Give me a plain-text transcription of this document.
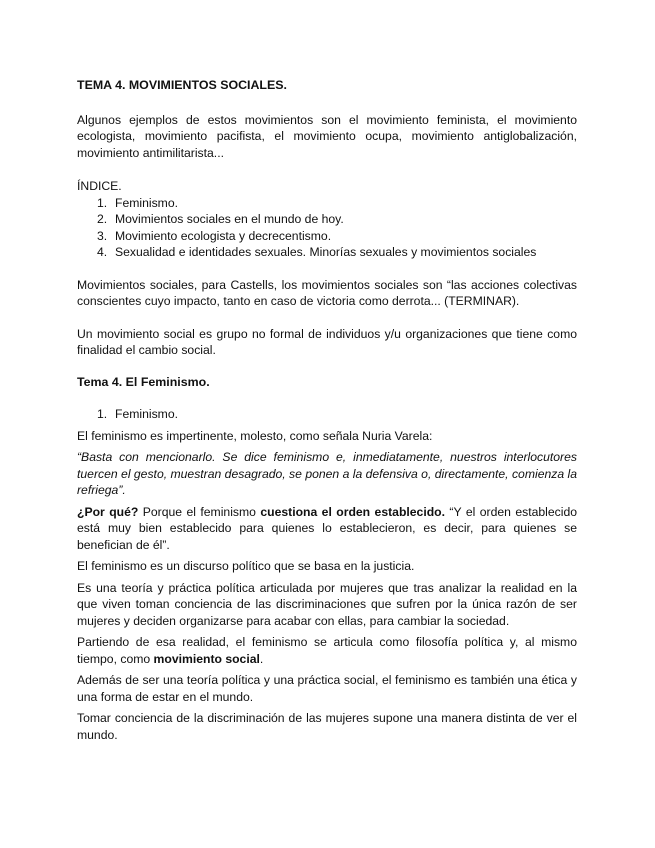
TEMA 4. MOVIMIENTOS SOCIALES.

Algunos ejemplos de estos movimientos son el movimiento feminista, el movimiento ecologista, movimiento pacifista, el movimiento ocupa, movimiento antiglobalización, movimiento antimilitarista...

ÍNDICE.

1. Feminismo.
2. Movimientos sociales en el mundo de hoy.
3. Movimiento ecologista y decrecentismo.
4. Sexualidad e identidades sexuales. Minorías sexuales y movimientos sociales

Movimientos sociales, para Castells, los movimientos sociales son “las acciones colectivas conscientes cuyo impacto, tanto en caso de victoria como derrota... (TERMINAR).

Un movimiento social es grupo no formal de individuos y/u organizaciones que tiene como finalidad el cambio social.

Tema 4. El Feminismo.

1. Feminismo.

El feminismo es impertinente, molesto, como señala Nuria Varela:

“Basta con mencionarlo. Se dice feminismo e, inmediatamente, nuestros interlocutores tuercen el gesto, muestran desagrado, se ponen a la defensiva o, directamente, comienza la refriega”.

¿Por qué? Porque el feminismo cuestiona el orden establecido. “Y el orden establecido está muy bien establecido para quienes lo establecieron, es decir, para quienes se benefician de él”.

El feminismo es un discurso político que se basa en la justicia.

Es una teoría y práctica política articulada por mujeres que tras analizar la realidad en la que viven toman conciencia de las discriminaciones que sufren por la única razón de ser mujeres y deciden organizarse para acabar con ellas, para cambiar la sociedad.

Partiendo de esa realidad, el feminismo se articula como filosofía política y, al mismo tiempo, como movimiento social.

Además de ser una teoría política y una práctica social, el feminismo es también una ética y una forma de estar en el mundo.

Tomar conciencia de la discriminación de las mujeres supone una manera distinta de ver el mundo.
